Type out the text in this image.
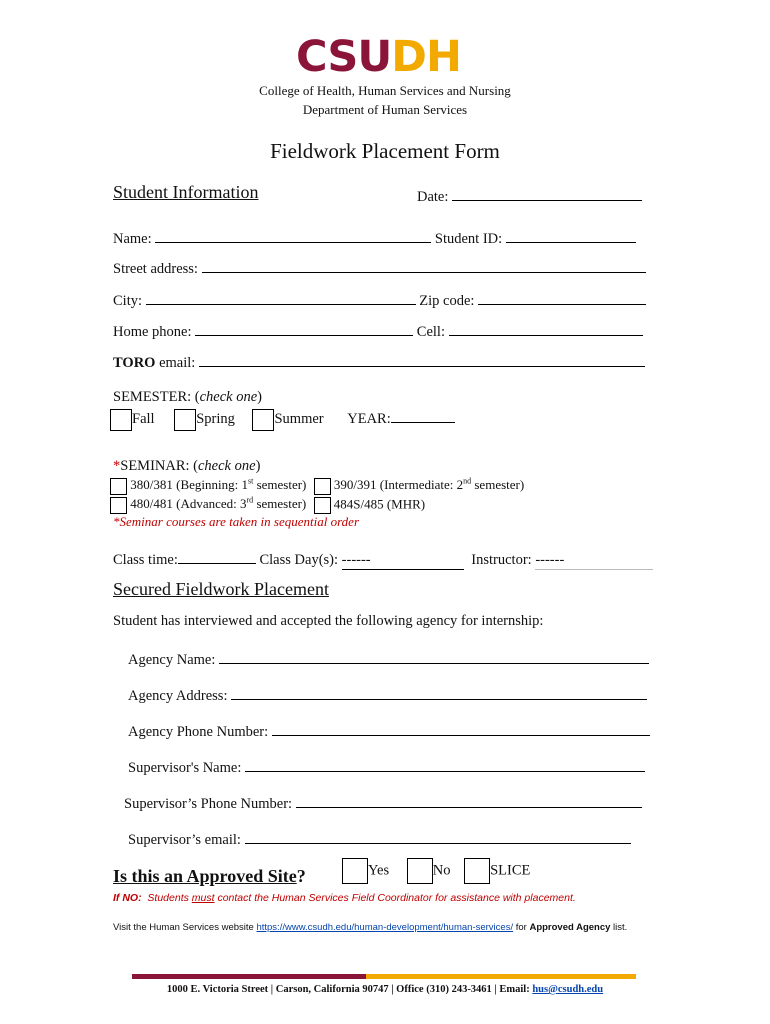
CSUDH
College of Health, Human Services and Nursing
Department of Human Services
Fieldwork Placement Form
Student Information	Date:
Name:	Student ID:
Street address:
City:	Zip code:
Home phone:	Cell:
TORO email:
SEMESTER: (check one)
Fall	Spring	Summer YEAR:
*SEMINAR: (check one)
380/381 (Beginning: 1st semester) 390/391 (Intermediate: 2nd semester)
480/481 (Advanced: 3rd semester) 484S/485 (MHR)
*Seminar courses are taken in sequential order
Class time:	Class Day(s): ------	Instructor: ------
Secured Fieldwork Placement
Student has interviewed and accepted the following agency for internship:
Agency Name:
Agency Address:
Agency Phone Number:
Supervisor's Name:
Supervisor’s Phone Number:
Supervisor’s email:
Is this an Approved Site?	Yes	No	SLICE
If NO:  Students must contact the Human Services Field Coordinator for assistance with placement.
Visit the Human Services website https://www.csudh.edu/human-development/human-services/ for Approved Agency list.
1000 E. Victoria Street | Carson, California 90747 | Office (310) 243-3461 | Email: hus@csudh.edu
